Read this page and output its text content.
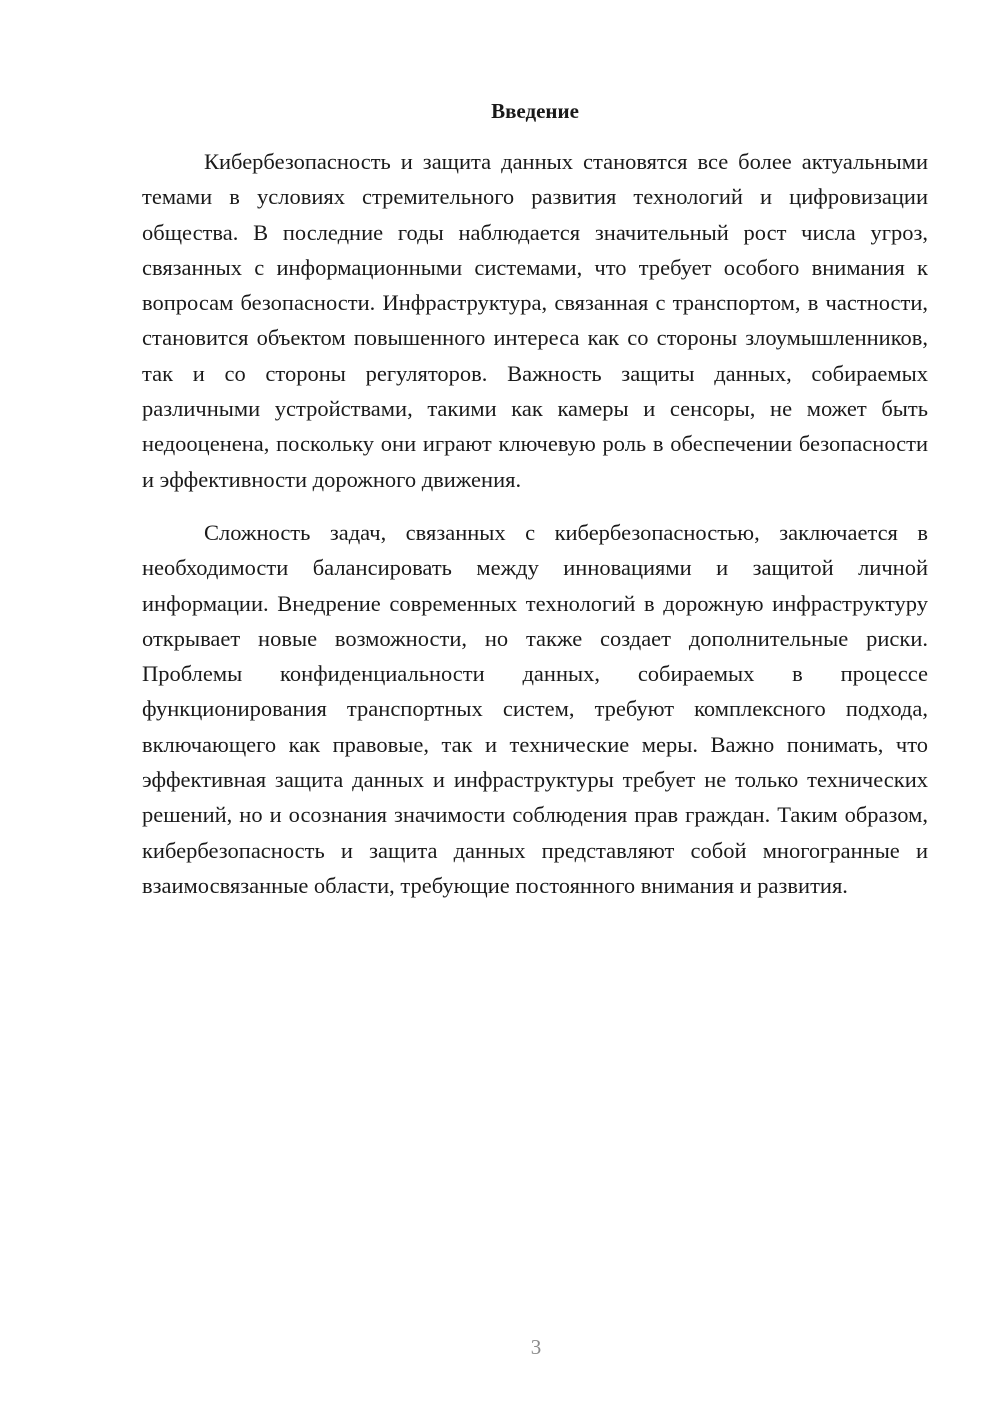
Введение

Кибербезопасность и защита данных становятся все более актуальными темами в условиях стремительного развития технологий и цифровизации общества. В последние годы наблюдается значительный рост числа угроз, связанных с информационными системами, что требует особого внимания к вопросам безопасности. Инфраструктура, связанная с транспортом, в частности, становится объектом повышенного интереса как со стороны злоумышленников, так и со стороны регуляторов. Важность защиты данных, собираемых различными устройствами, такими как камеры и сенсоры, не может быть недооценена, поскольку они играют ключевую роль в обеспечении безопасности и эффективности дорожного движения.

Сложность задач, связанных с кибербезопасностью, заключается в необходимости балансировать между инновациями и защитой личной информации. Внедрение современных технологий в дорожную инфраструктуру открывает новые возможности, но также создает дополнительные риски. Проблемы конфиденциальности данных, собираемых в процессе функционирования транспортных систем, требуют комплексного подхода, включающего как правовые, так и технические меры. Важно понимать, что эффективная защита данных и инфраструктуры требует не только технических решений, но и осознания значимости соблюдения прав граждан. Таким образом, кибербезопасность и защита данных представляют собой многогранные и взаимосвязанные области, требующие постоянного внимания и развития.

3
